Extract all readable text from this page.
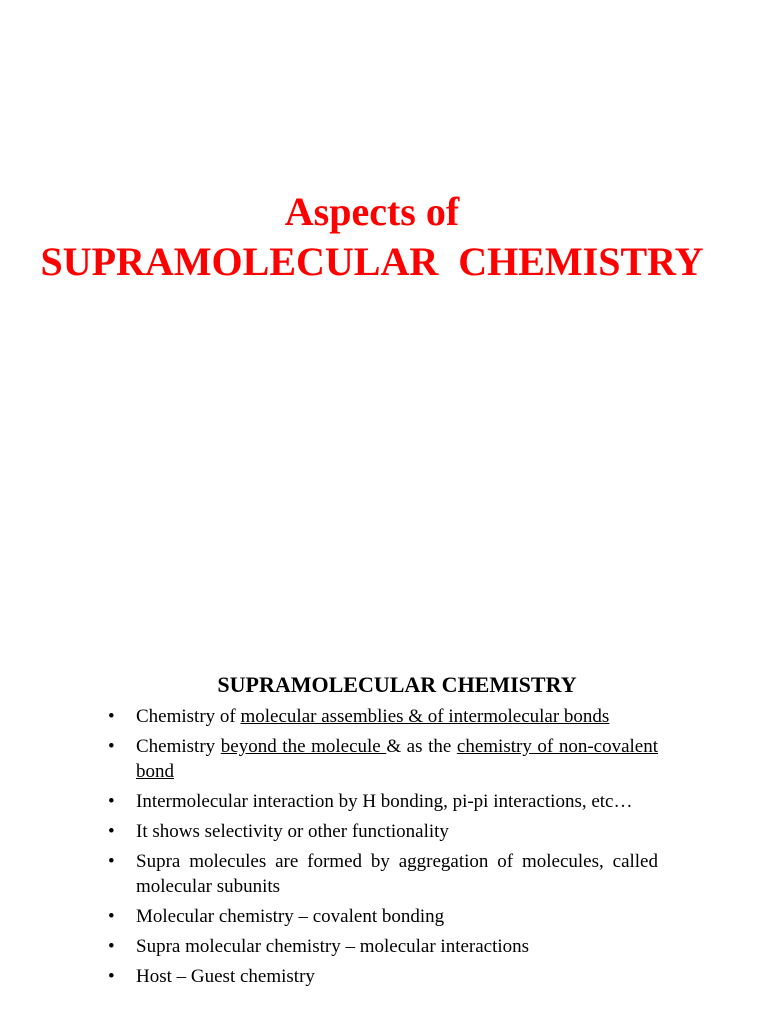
Aspects of
SUPRAMOLECULAR  CHEMISTRY
SUPRAMOLECULAR CHEMISTRY
•	Chemistry of molecular assemblies & of intermolecular bonds
•	Chemistry beyond the molecule & as the chemistry of non-covalent bond
•	Intermolecular interaction by H bonding, pi-pi interactions, etc…
•	It shows selectivity or other functionality
•	Supra molecules are formed by aggregation of molecules, called molecular subunits
•	Molecular chemistry – covalent bonding
•	Supra molecular chemistry – molecular interactions
•	Host – Guest chemistry
